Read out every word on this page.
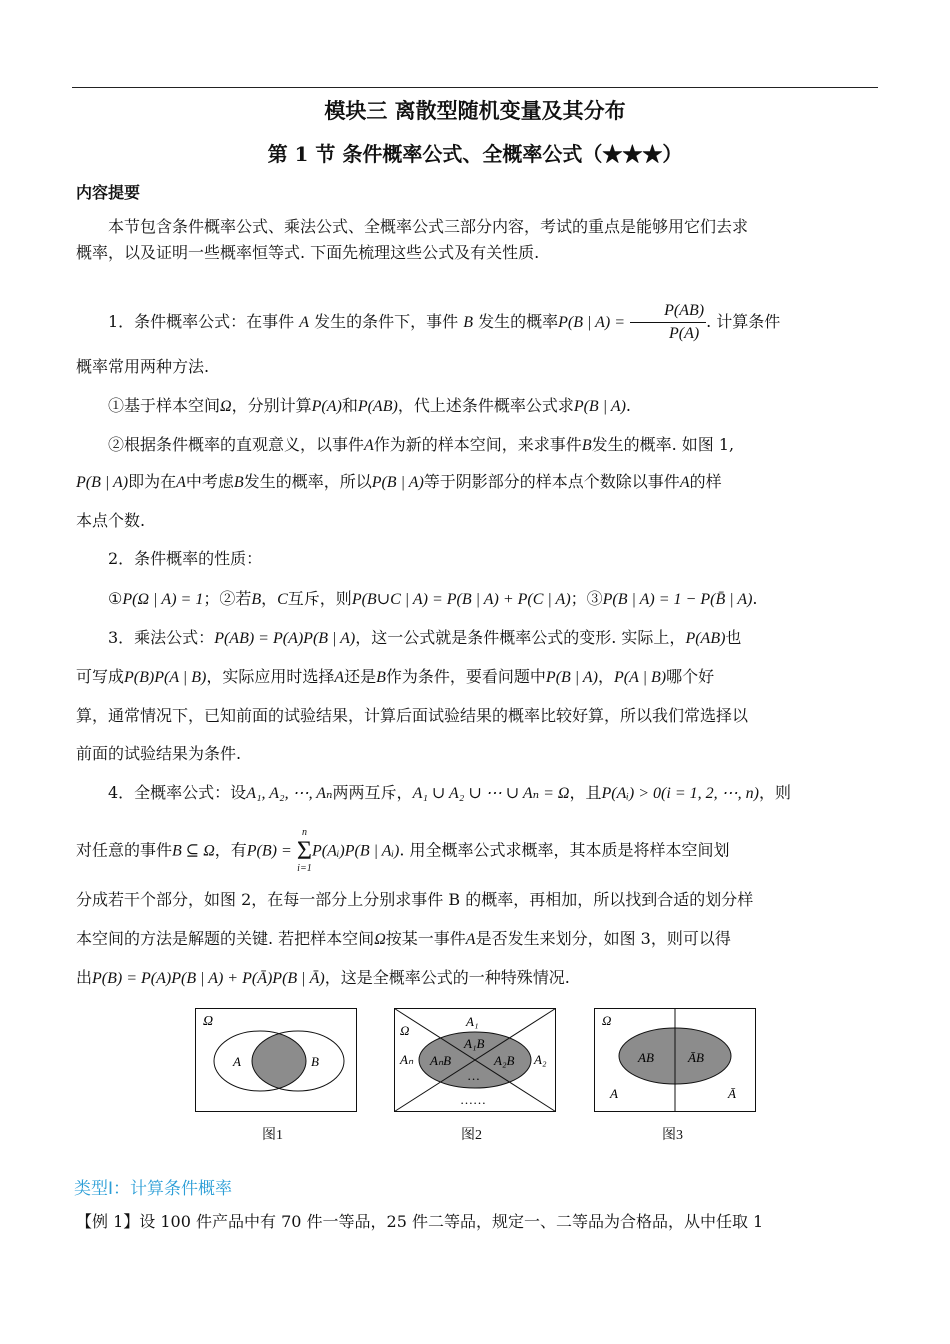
模块三 离散型随机变量及其分布
第 1 节 条件概率公式、全概率公式（★★★）
内容提要
本节包含条件概率公式、乘法公式、全概率公式三部分内容，考试的重点是能够用它们去求
概率，以及证明一些概率恒等式. 下面先梳理这些公式及有关性质.
1．条件概率公式：在事件 A 发生的条件下，事件 B 发生的概率P(B | $A) = \frac{P(AB)}{P(A)}$ . 计算条件
概率常用两种方法.
①基于样本空间Ω，分别计算P(A)和P(AB)，代上述条件概率公式求P(B | A).
②根据条件概率的直观意义，以事件A作为新的样本空间，来求事件B发生的概率. 如图 1,
P(B | A)即为在A中考虑B发生的概率，所以P(B | A)等于阴影部分的样本点个数除以事件A的样
本点个数.
2．条件概率的性质：
①P(Ω | A) = 1；②若B，C互斥，则P(B∪C | A) = P(B | A) + P(C | A)；③P(B | A) = 1 − P(B̄ | A).
3．乘法公式：P(AB) = P(A)P(B | A)，这一公式就是条件概率公式的变形. 实际上，P(AB)也
可写成P(B)P(A | B)，实际应用时选择A还是B作为条件，要看问题中P(B | A)，P(A | B)哪个好
算，通常情况下，已知前面的试验结果，计算后面试验结果的概率比较好算，所以我们常选择以
前面的试验结果为条件.
4．全概率公式：设A₁, A₂, ⋯, Aₙ两两互斥，A₁ ∪ A₂ ∪ ⋯ ∪ Aₙ = Ω，且P(Aᵢ) > 0(i = 1, 2, ⋯, n)，则
对任意的事件B ⊆ Ω，有P(B) =
n
Σ
i=1
P(Aᵢ)P(B | Aᵢ). 用全概率公式求概率，其本质是将样本空间划
分成若干个部分，如图 2，在每一部分上分别求事件 B 的概率，再相加，所以找到合适的划分样
本空间的方法是解题的关键. 若把样本空间Ω按某一事件A是否发生来划分，如图 3，则可以得
出P(B) = P(A)P(B | A) + P(Ā)P(B | Ā)，这是全概率公式的一种特殊情况.
Ω
A	B
图1
Ω
A₁
Aₙ	A₂
A₁B
AₙB	A₂B
…
……
图2
Ω
AB	ĀB
A	Ā
图3
类型Ⅰ：计算条件概率
【例 1】设 100 件产品中有 70 件一等品，25 件二等品，规定一、二等品为合格品，从中任取 1
